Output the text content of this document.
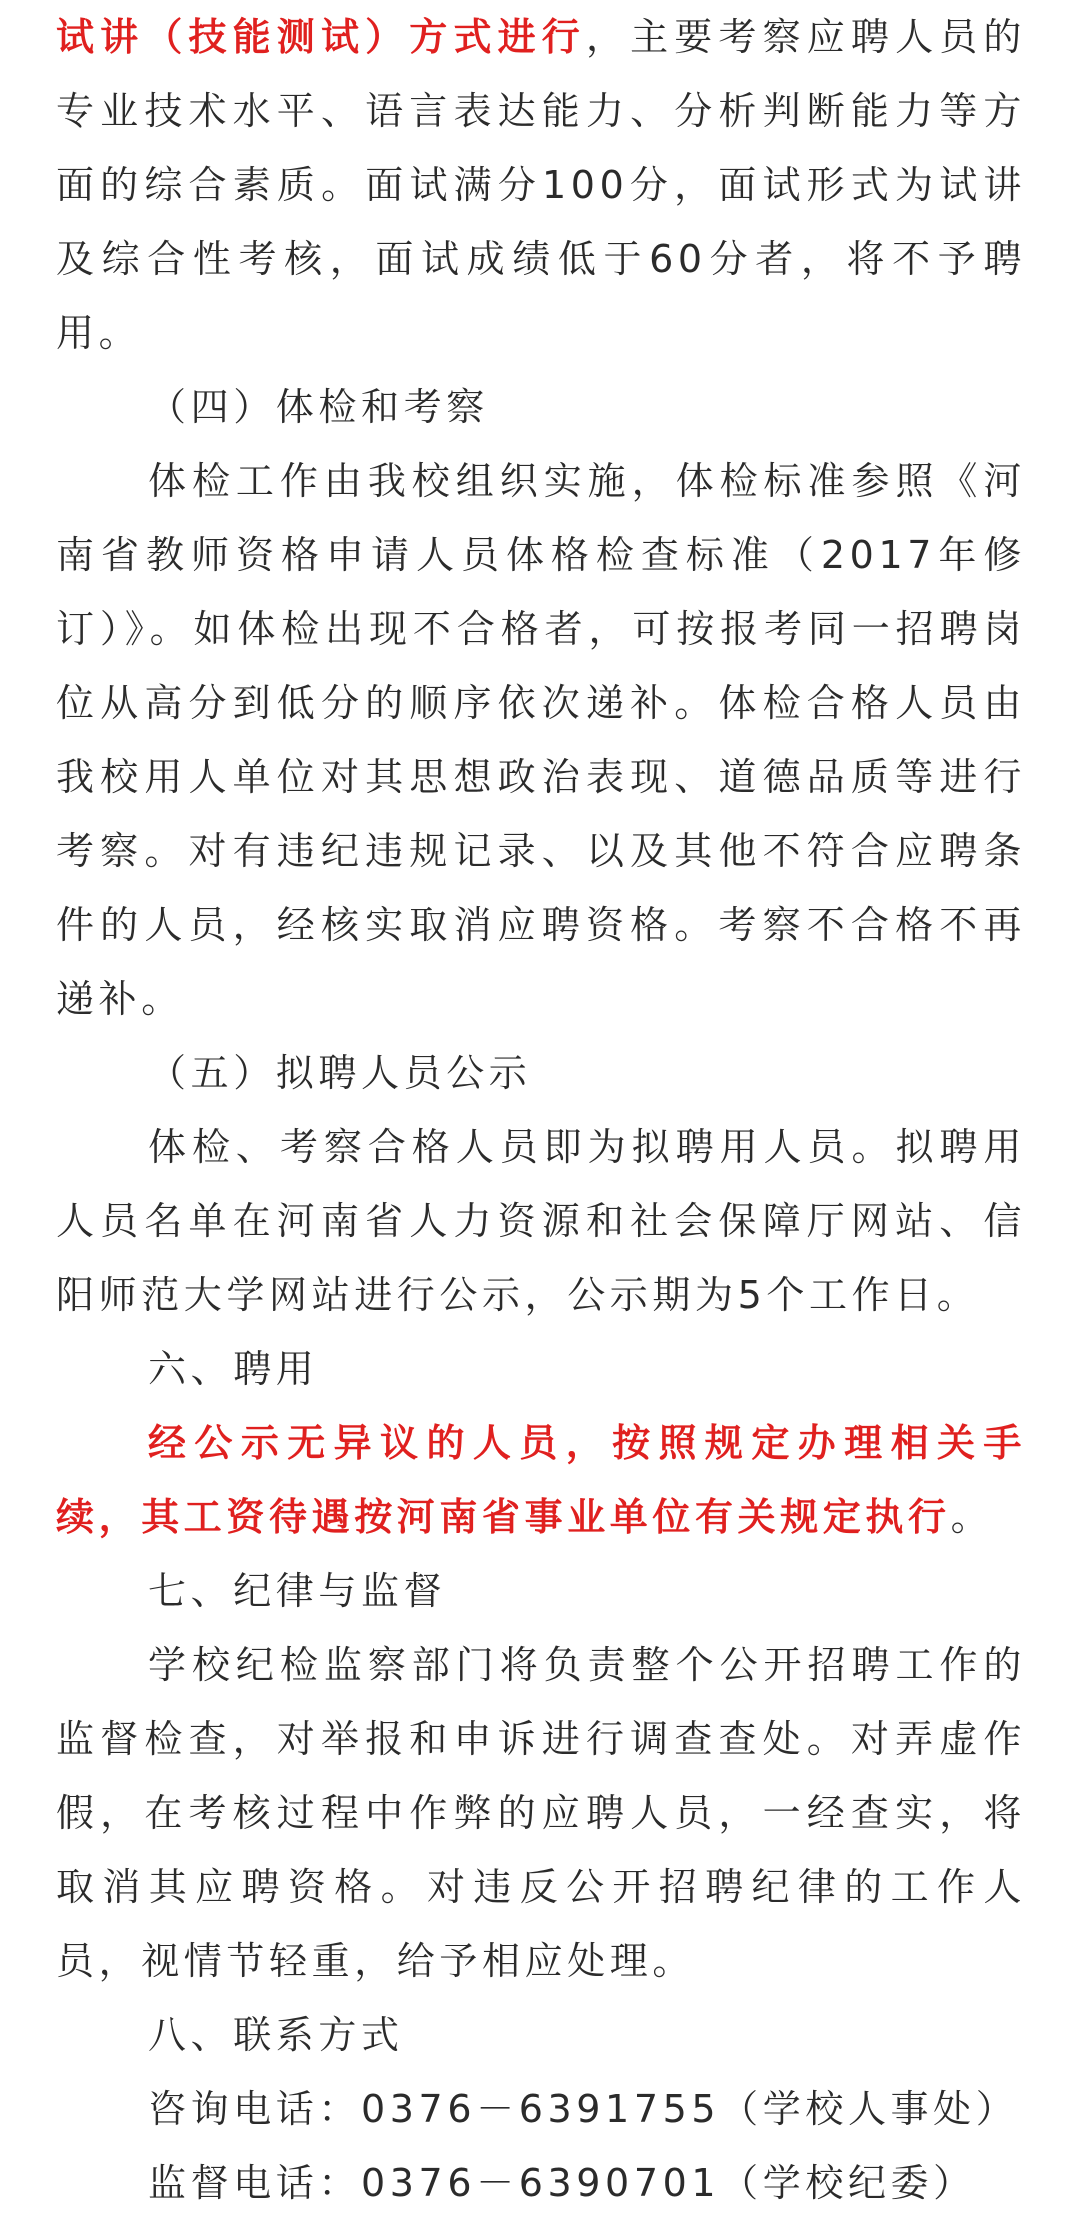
试讲（技能测试）方式进行，主要考察应聘人员的专业技术水平、语言表达能力、分析判断能力等方面的综合素质。面试满分100分，面试形式为试讲及综合性考核，面试成绩低于60分者，将不予聘用。

（四）体检和考察

体检工作由我校组织实施，体检标准参照《河南省教师资格申请人员体格检查标准（2017年修订）》。如体检出现不合格者，可按报考同一招聘岗位从高分到低分的顺序依次递补。体检合格人员由我校用人单位对其思想政治表现、道德品质等进行考察。对有违纪违规记录、以及其他不符合应聘条件的人员，经核实取消应聘资格。考察不合格不再递补。

（五）拟聘人员公示

体检、考察合格人员即为拟聘用人员。拟聘用人员名单在河南省人力资源和社会保障厅网站、信阳师范大学网站进行公示，公示期为5个工作日。

六、聘用

经公示无异议的人员，按照规定办理相关手续，其工资待遇按河南省事业单位有关规定执行。

七、纪律与监督

学校纪检监察部门将负责整个公开招聘工作的监督检查，对举报和申诉进行调查查处。对弄虚作假，在考核过程中作弊的应聘人员，一经查实，将取消其应聘资格。对违反公开招聘纪律的工作人员，视情节轻重，给予相应处理。

八、联系方式

咨询电话：0376－6391755（学校人事处）

监督电话：0376－6390701（学校纪委）
